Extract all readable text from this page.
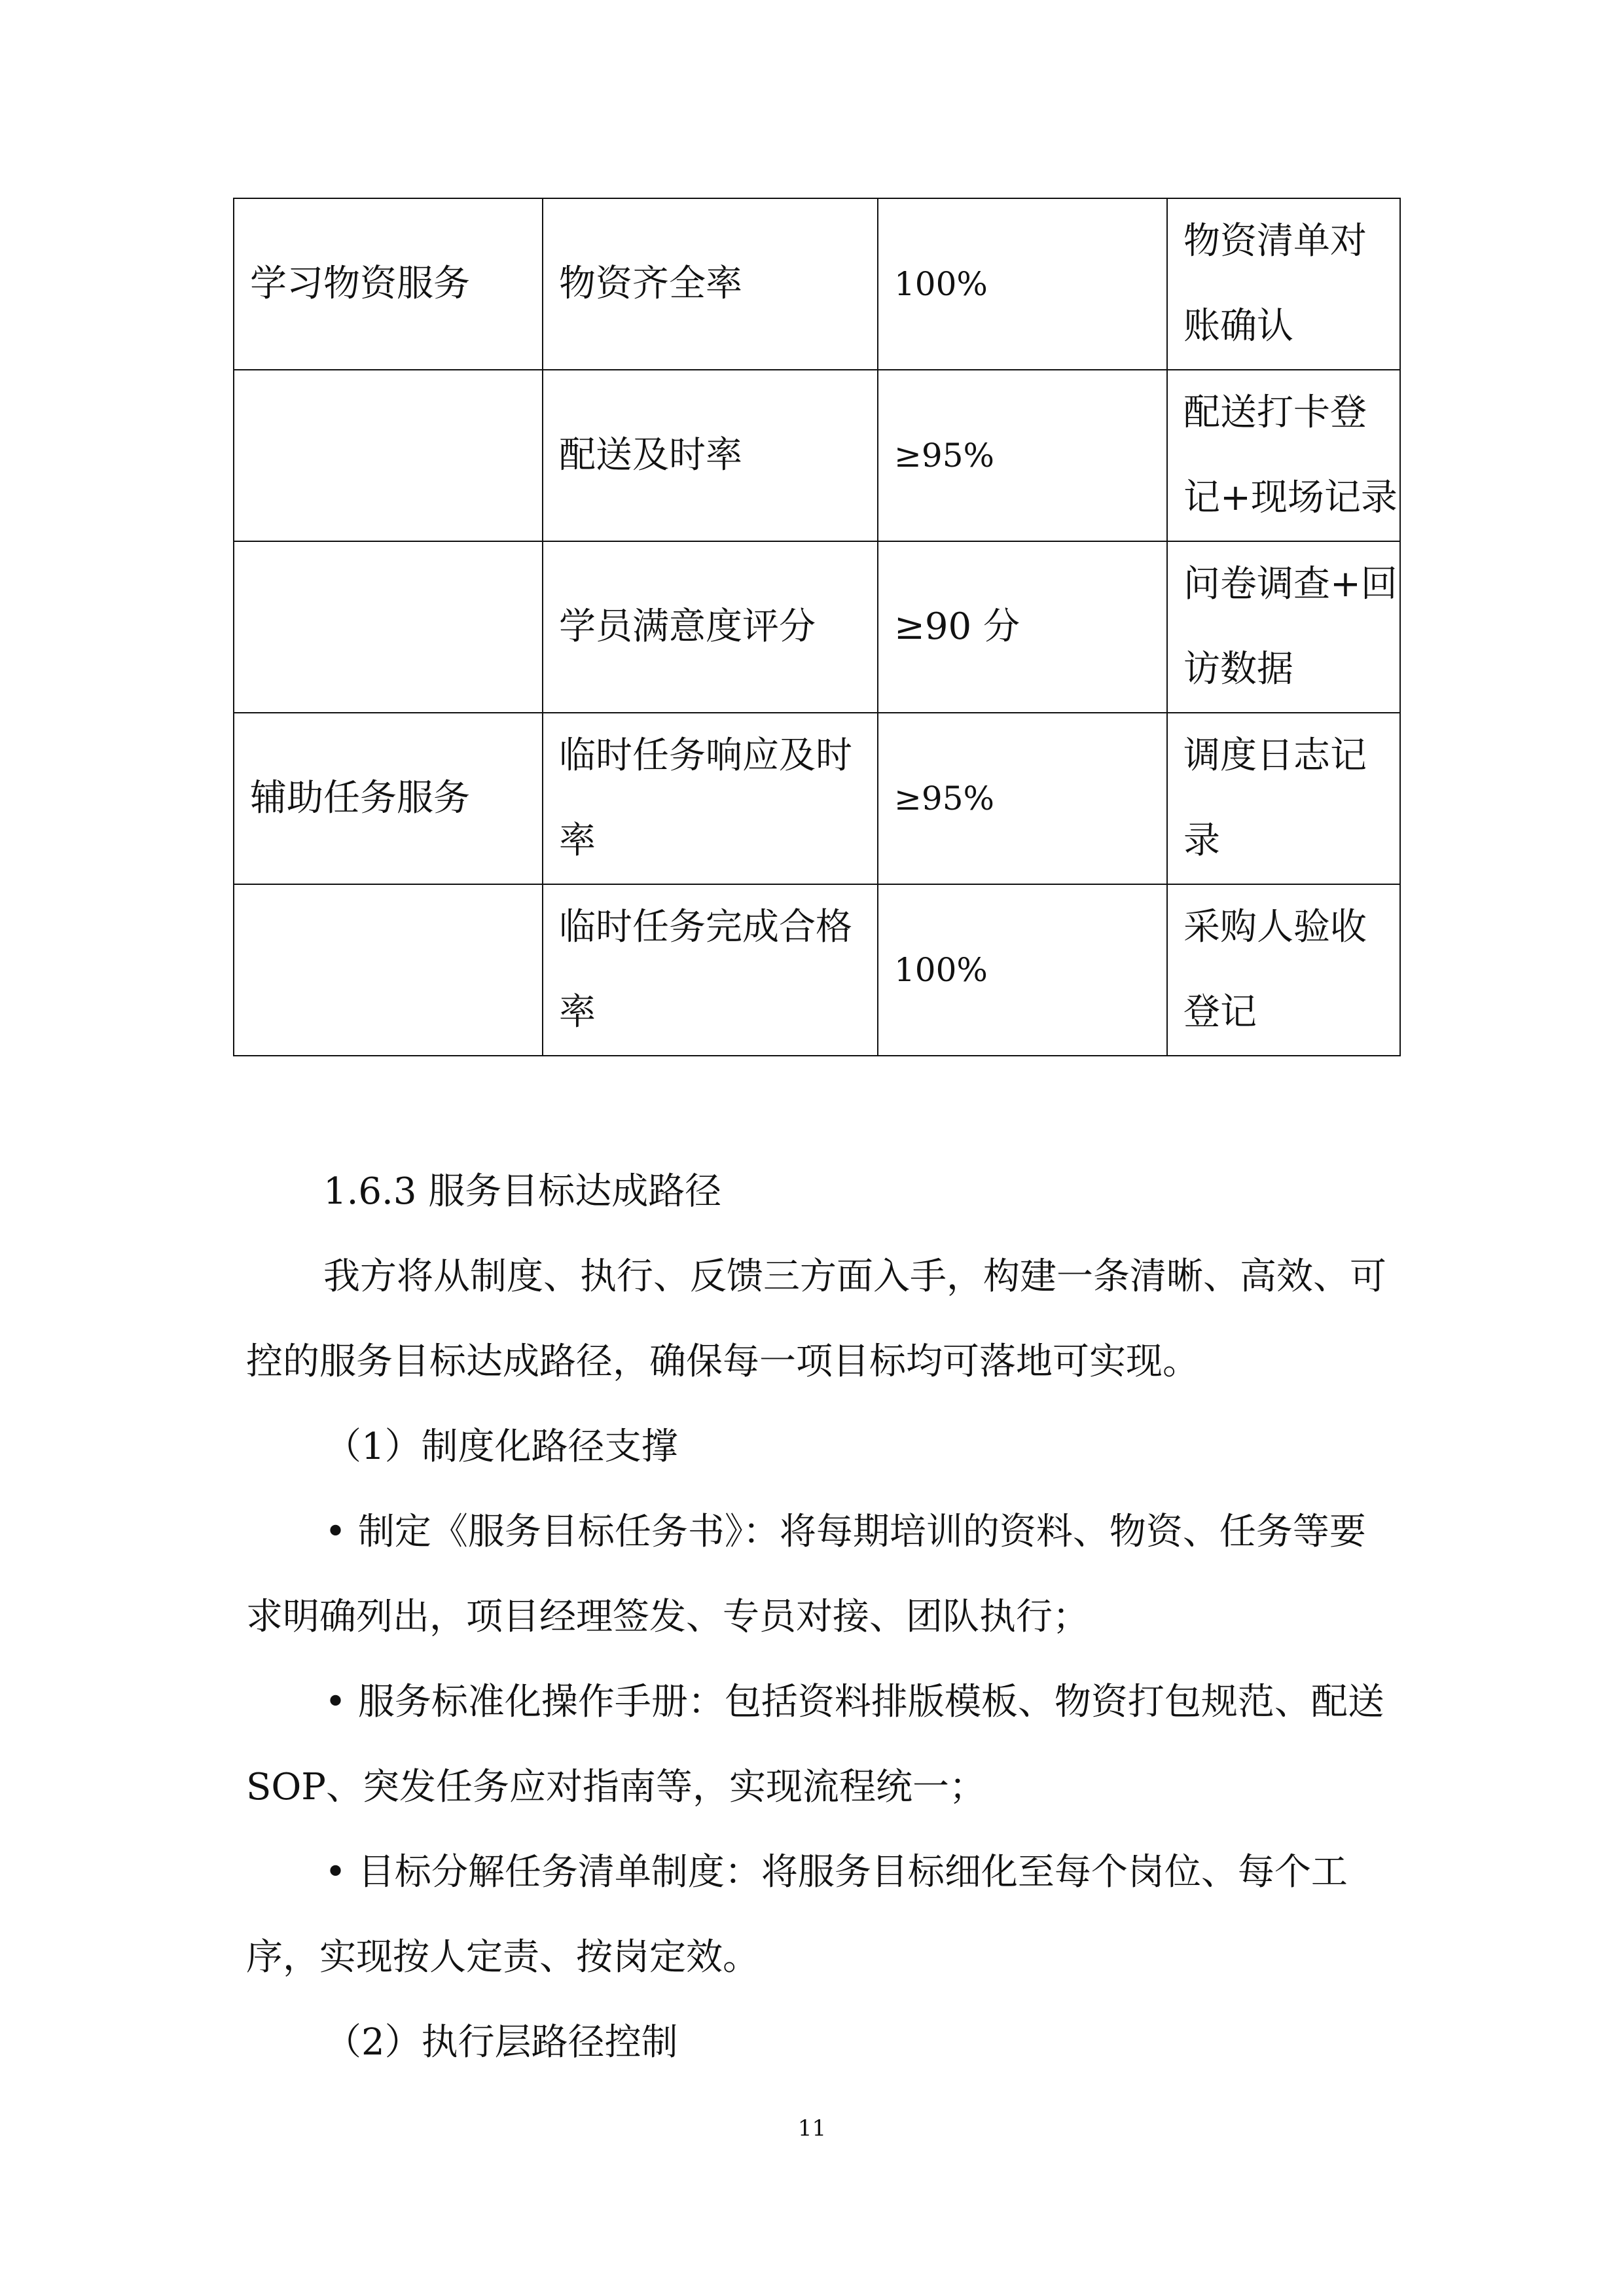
学习物资服务	物资齐全率	100%	物资清单对账确认
	配送及时率	≥95%	配送打卡登记+现场记录
	学员满意度评分	≥90 分	问卷调查+回访数据
辅助任务服务	临时任务响应及时率	≥95%	调度日志记录
	临时任务完成合格率	100%	采购人验收登记

1.6.3 服务目标达成路径

我方将从制度、执行、反馈三方面入手，构建一条清晰、高效、可控的服务目标达成路径，确保每一项目标均可落地可实现。

（1）制度化路径支撑

• 制定《服务目标任务书》：将每期培训的资料、物资、任务等要求明确列出，项目经理签发、专员对接、团队执行；

• 服务标准化操作手册：包括资料排版模板、物资打包规范、配送 SOP、突发任务应对指南等，实现流程统一；

• 目标分解任务清单制度：将服务目标细化至每个岗位、每个工序，实现按人定责、按岗定效。

（2）执行层路径控制

11
